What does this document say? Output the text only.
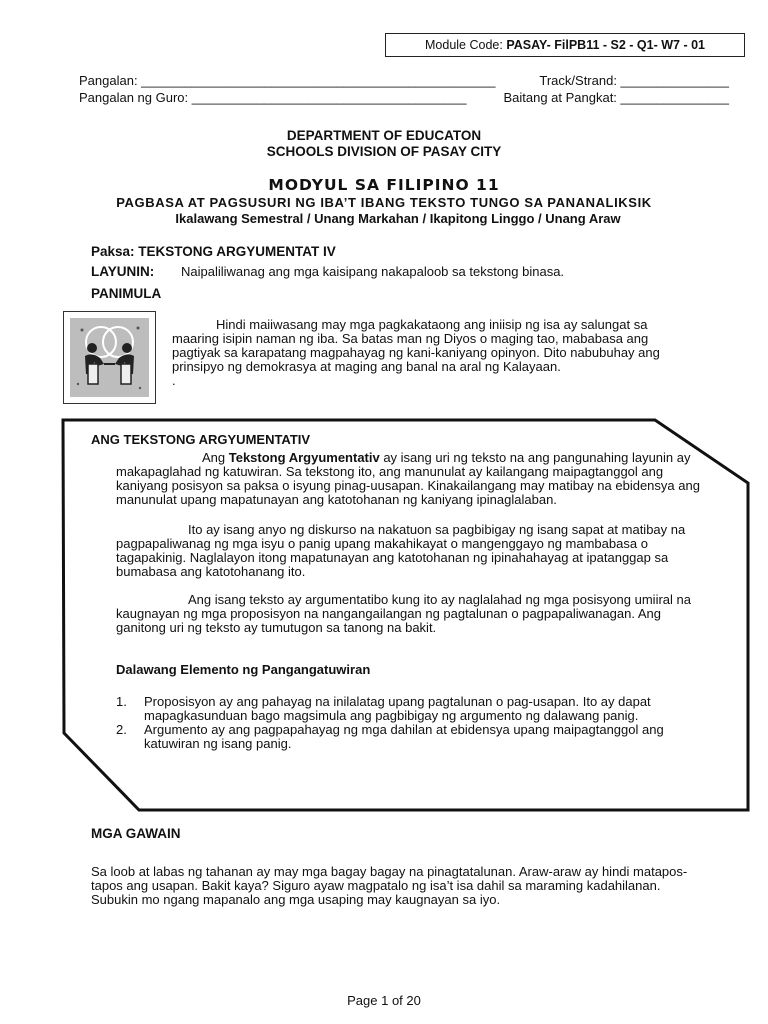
Module Code: PASAY- FilPB11 - S2 - Q1- W7 - 01
Pangalan: _________________________________________________	Track/Strand: _______________
Pangalan ng Guro: ______________________________________	Baitang at Pangkat: _______________
DEPARTMENT OF EDUCATON
SCHOOLS DIVISION OF PASAY CITY
MODYUL SA FILIPINO 11
PAGBASA AT PAGSUSURI NG IBA’T IBANG TEKSTO TUNGO SA PANANALIKSIK
Ikalawang Semestral / Unang Markahan / Ikapitong Linggo / Unang Araw
Paksa: TEKSTONG ARGYUMENTAT IV
LAYUNIN: Naipaliliwanag ang mga kaisipang nakapaloob sa tekstong binasa.
PANIMULA

Hindi maiiwasang may mga pagkakataong ang iniisip ng isa ay salungat sa maaring isipin naman ng iba. Sa batas man ng Diyos o maging tao, mababasa ang pagtiyak sa karapatang magpahayag ng kani-kaniyang opinyon. Dito nabubuhay ang prinsipyo ng demokrasya at maging ang banal na aral ng Kalayaan.

.

ANG TEKSTONG ARGYUMENTATIV

Ang Tekstong Argyumentativ ay isang uri ng teksto na ang pangunahing layunin ay makapaglahad ng katuwiran. Sa tekstong ito, ang manunulat ay kailangang maipagtanggol ang kaniyang posisyon sa paksa o isyung pinag-uusapan. Kinakailangang may matibay na ebidensya ang manunulat upang mapatunayan ang katotohanan ng kaniyang ipinaglalaban.

Ito ay isang anyo ng diskurso na nakatuon sa pagbibigay ng isang sapat at matibay na pagpapaliwanag ng mga isyu o panig upang makahikayat o mangenggayo ng mambabasa o tagapakinig. Naglalayon itong mapatunayan ang katotohanan ng ipinahahayag at ipatanggap sa bumabasa ang katotohanang ito.

Ang isang teksto ay argumentatibo kung ito ay naglalahad ng mga posisyong umiiral na kaugnayan ng mga proposisyon na nangangailangan ng pagtalunan o pagpapaliwanagan. Ang ganitong uri ng teksto ay tumutugon sa tanong na bakit.

Dalawang Elemento ng Pangangatuwiran

1. Proposisyon ay ang pahayag na inilalatag upang pagtalunan o pag-usapan. Ito ay dapat mapagkasunduan bago magsimula ang pagbibigay ng argumento ng dalawang panig.
2. Argumento ay ang pagpapahayag ng mga dahilan at ebidensya upang maipagtanggol ang katuwiran ng isang panig.
MGA GAWAIN
Sa loob at labas ng tahanan ay may mga bagay bagay na pinagtatalunan. Araw-araw ay hindi matapos-tapos ang usapan. Bakit kaya? Siguro ayaw magpatalo ng isa’t isa dahil sa maraming kadahilanan. Subukin mo ngang mapanalo ang mga usaping may kaugnayan sa iyo.
Page 1 of 20
